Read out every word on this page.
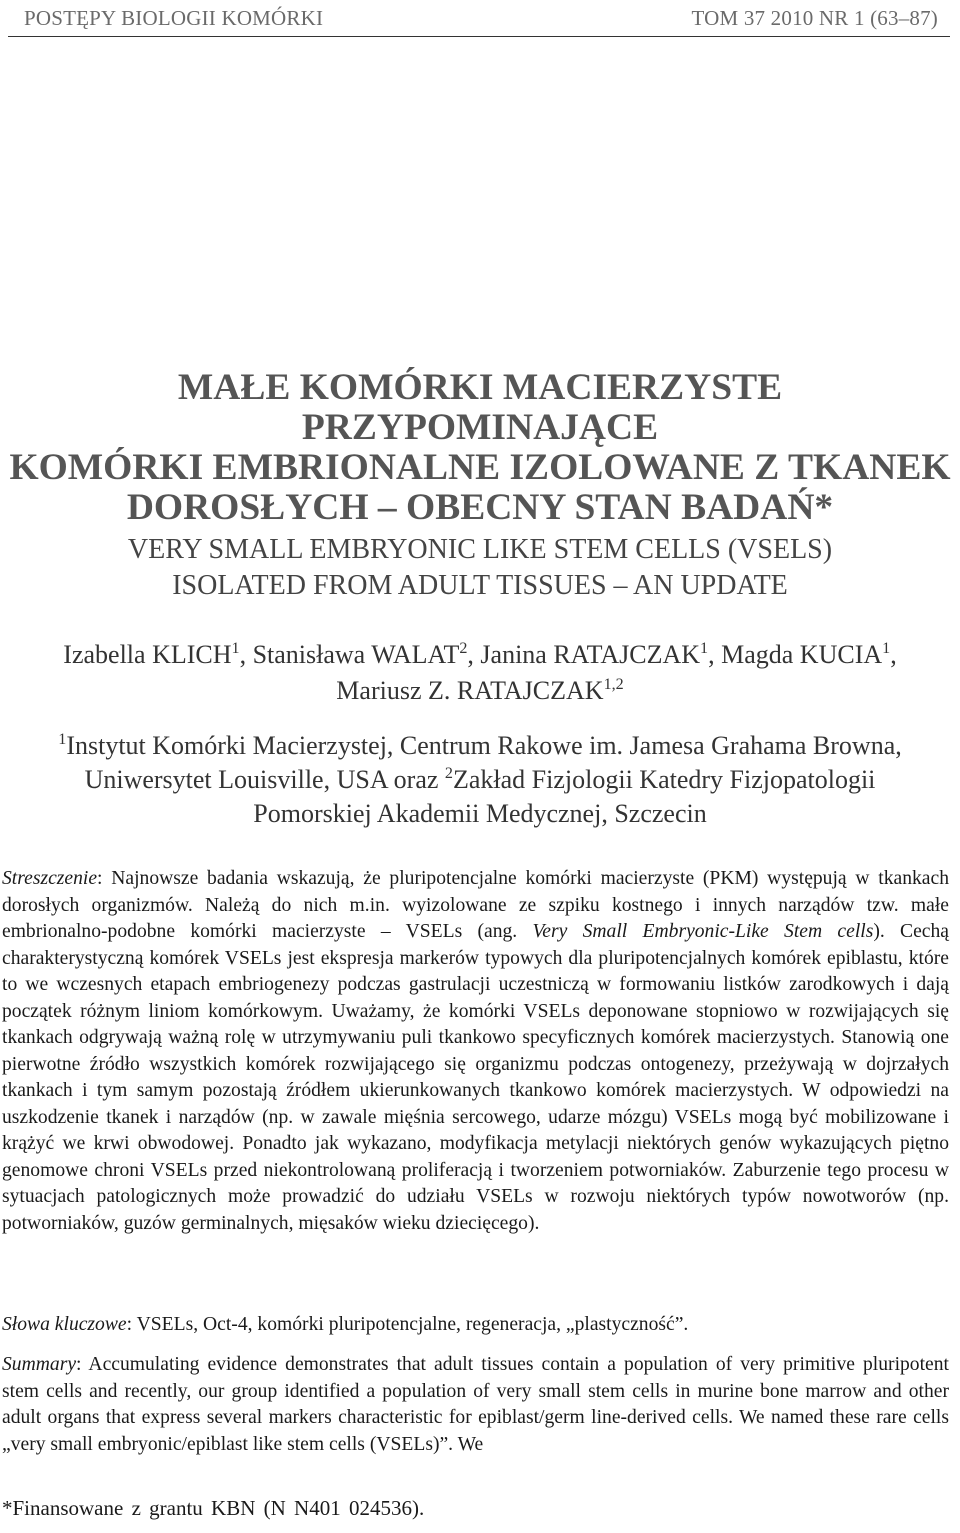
POSTĘPY BIOLOGII KOMÓRKI	TOM 37 2010 NR 1 (63–87)
MAŁE KOMÓRKI MACIERZYSTE PRZYPOMINAJĄCE
KOMÓRKI EMBRIONALNE IZOLOWANE Z TKANEK
DOROSŁYCH – OBECNY STAN BADAŃ*
VERY SMALL EMBRYONIC LIKE STEM CELLS (VSELS)
ISOLATED FROM ADULT TISSUES – AN UPDATE
Izabella KLICH$^1$, Stanisława WALAT$^2$, Janina RATAJCZAK$^1$, Magda KUCIA$^1$,
Mariusz Z. RATAJCZAK$^{1,2}$
$^1$Instytut Komórki Macierzystej, Centrum Rakowe im. Jamesa Grahama Browna,
Uniwersytet Louisville, USA oraz $^2$Zakład Fizjologii Katedry Fizjopatologii
Pomorskiej Akademii Medycznej, Szczecin

Streszczenie: Najnowsze badania wskazują, że pluripotencjalne komórki macierzyste (PKM) występują w tkankach dorosłych organizmów. Należą do nich m.in. wyizolowane ze szpiku kostnego i innych narządów tzw. małe embrionalno-podobne komórki macierzyste – VSELs (ang. Very Small Embryonic-Like Stem cells). Cechą charakterystyczną komórek VSELs jest ekspresja markerów typowych dla pluripotencjalnych komórek epiblastu, które to we wczesnych etapach embriogenezy podczas gastrulacji uczestniczą w formowaniu listków zarodkowych i dają początek różnym liniom komórkowym. Uważamy, że komórki VSELs deponowane stopniowo w rozwijających się tkankach odgrywają ważną rolę w utrzymywaniu puli tkankowo specyficznych komórek macierzystych. Stanowią one pierwotne źródło wszystkich komórek rozwijającego się organizmu podczas ontogenezy, przeżywają w dojrzałych tkankach i tym samym pozostają źródłem ukierunkowanych tkankowo komórek macierzystych. W odpowiedzi na uszkodzenie tkanek i narządów (np. w zawale mięśnia sercowego, udarze mózgu) VSELs mogą być mobilizowane i krążyć we krwi obwodowej. Ponadto jak wykazano, modyfikacja metylacji niektórych genów wykazujących piętno genomowe chroni VSELs przed niekontrolowaną proliferacją i tworzeniem potworniaków. Zaburzenie tego procesu w sytuacjach patologicznych może prowadzić do udziału VSELs w rozwoju niektórych typów nowotworów (np. potworniaków, guzów germinalnych, mięsaków wieku dziecięcego).

Słowa kluczowe: VSELs, Oct-4, komórki pluripotencjalne, regeneracja, „plastyczność”.

Summary: Accumulating evidence demonstrates that adult tissues contain a population of very primitive pluripotent stem cells and recently, our group identified a population of very small stem cells in murine bone marrow and other adult organs that express several markers characteristic for epiblast/germ line-derived cells. We named these rare cells „very small embryonic/epiblast like stem cells (VSELs)”. We

*Finansowane z grantu KBN (N N401 024536).
